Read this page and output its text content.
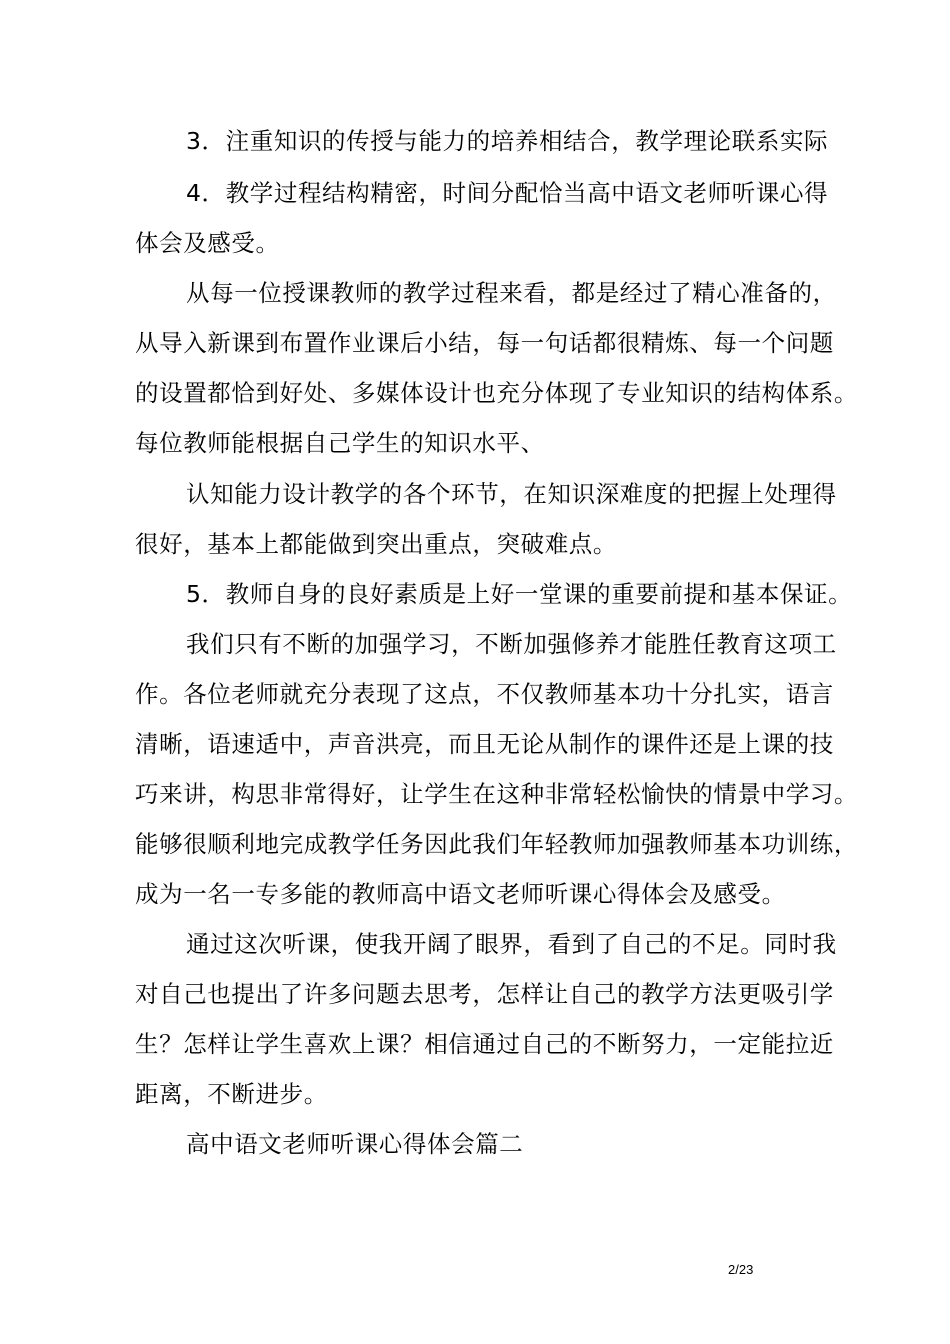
3．注重知识的传授与能力的培养相结合，教学理论联系实际
4．教学过程结构精密，时间分配恰当高中语文老师听课心得
体会及感受。
从每一位授课教师的教学过程来看，都是经过了精心准备的，
从导入新课到布置作业课后小结，每一句话都很精炼、每一个问题
的设置都恰到好处、多媒体设计也充分体现了专业知识的结构体系。
每位教师能根据自己学生的知识水平、
认知能力设计教学的各个环节，在知识深难度的把握上处理得
很好，基本上都能做到突出重点，突破难点。
5．教师自身的良好素质是上好一堂课的重要前提和基本保证。
我们只有不断的加强学习，不断加强修养才能胜任教育这项工
作。各位老师就充分表现了这点，不仅教师基本功十分扎实，语言
清晰，语速适中，声音洪亮，而且无论从制作的课件还是上课的技
巧来讲，构思非常得好，让学生在这种非常轻松愉快的情景中学习。
能够很顺利地完成教学任务因此我们年轻教师加强教师基本功训练，
成为一名一专多能的教师高中语文老师听课心得体会及感受。
通过这次听课，使我开阔了眼界，看到了自己的不足。同时我
对自己也提出了许多问题去思考，怎样让自己的教学方法更吸引学
生？怎样让学生喜欢上课？相信通过自己的不断努力，一定能拉近
距离，不断进步。
高中语文老师听课心得体会篇二
2/23
